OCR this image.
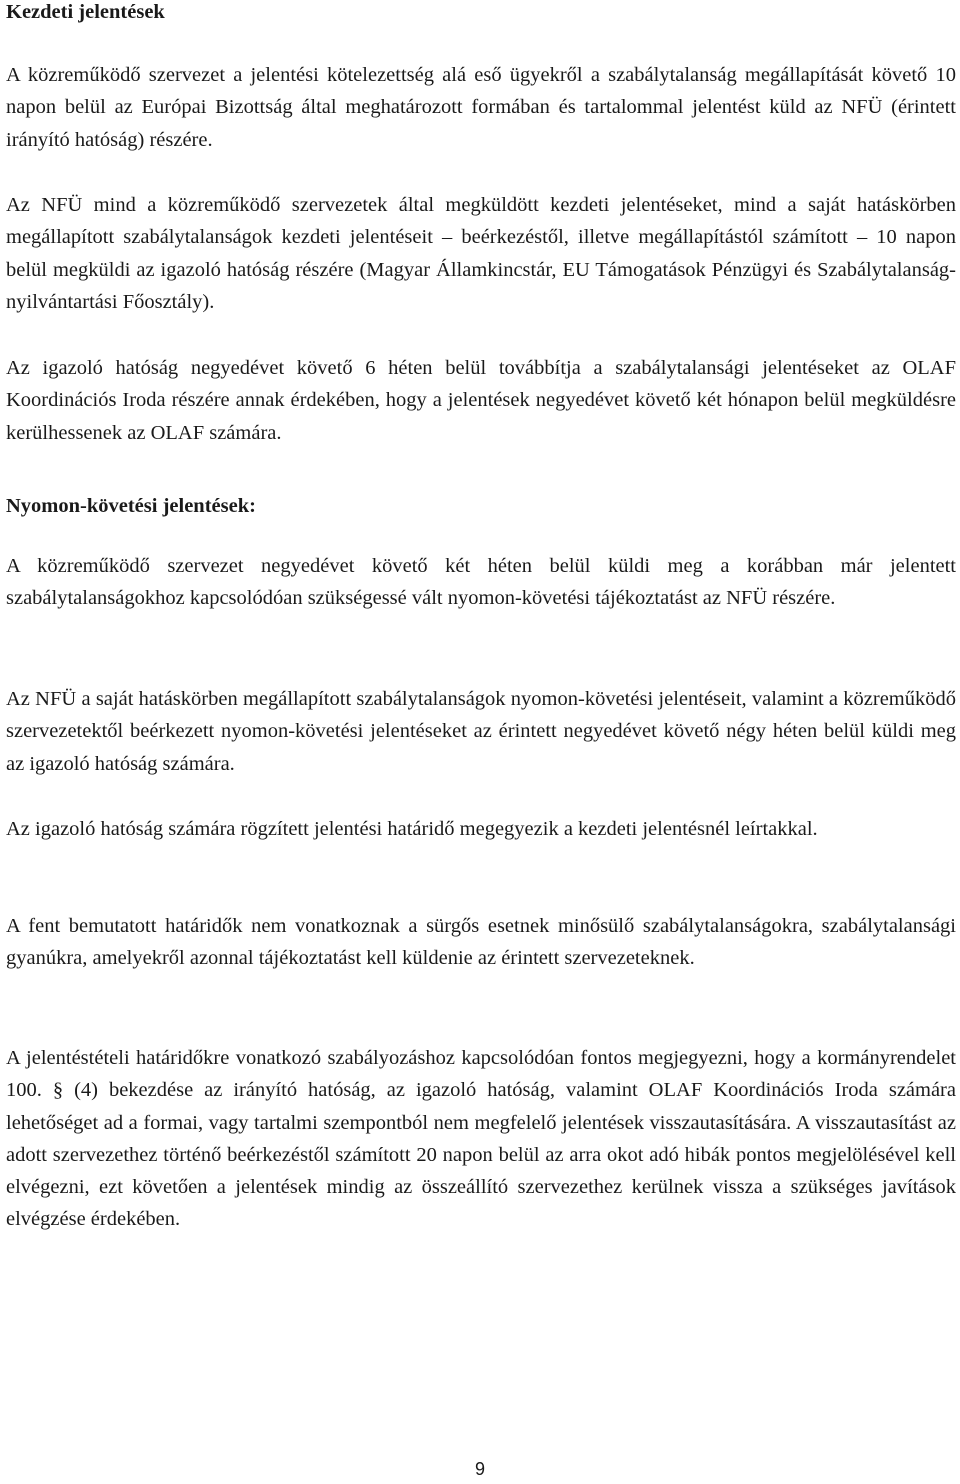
Kezdeti jelentések

A közreműködő szervezet a jelentési kötelezettség alá eső ügyekről a szabálytalanság megállapítását követő 10 napon belül az Európai Bizottság által meghatározott formában és tartalommal jelentést küld az NFÜ (érintett irányító hatóság) részére.

Az NFÜ mind a közreműködő szervezetek által megküldött kezdeti jelentéseket, mind a saját hatáskörben megállapított szabálytalanságok kezdeti jelentéseit – beérkezéstől, illetve megállapítástól számított – 10 napon belül megküldi az igazoló hatóság részére (Magyar Államkincstár, EU Támogatások Pénzügyi és Szabálytalanság-nyilvántartási Főosztály).

Az igazoló hatóság negyedévet követő 6 héten belül továbbítja a szabálytalansági jelentéseket az OLAF Koordinációs Iroda részére annak érdekében, hogy a jelentések negyedévet követő két hónapon belül megküldésre kerülhessenek az OLAF számára.

Nyomon-követési jelentések:

A közreműködő szervezet negyedévet követő két héten belül küldi meg a korábban már jelentett szabálytalanságokhoz kapcsolódóan szükségessé vált nyomon-követési tájékoztatást az NFÜ részére.

Az NFÜ a saját hatáskörben megállapított szabálytalanságok nyomon-követési jelentéseit, valamint a közreműködő szervezetektől beérkezett nyomon-követési jelentéseket az érintett negyedévet követő négy héten belül küldi meg az igazoló hatóság számára.

Az igazoló hatóság számára rögzített jelentési határidő megegyezik a kezdeti jelentésnél leírtakkal.

A fent bemutatott határidők nem vonatkoznak a sürgős esetnek minősülő szabálytalanságokra, szabálytalansági gyanúkra, amelyekről azonnal tájékoztatást kell küldenie az érintett szervezeteknek.

A jelentéstételi határidőkre vonatkozó szabályozáshoz kapcsolódóan fontos megjegyezni, hogy a kormányrendelet 100. § (4) bekezdése az irányító hatóság, az igazoló hatóság, valamint OLAF Koordinációs Iroda számára lehetőséget ad a formai, vagy tartalmi szempontból nem megfelelő jelentések visszautasítására. A visszautasítást az adott szervezethez történő beérkezéstől számított 20 napon belül az arra okot adó hibák pontos megjelölésével kell elvégezni, ezt követően a jelentések mindig az összeállító szervezethez kerülnek vissza a szükséges javítások elvégzése érdekében.

9
